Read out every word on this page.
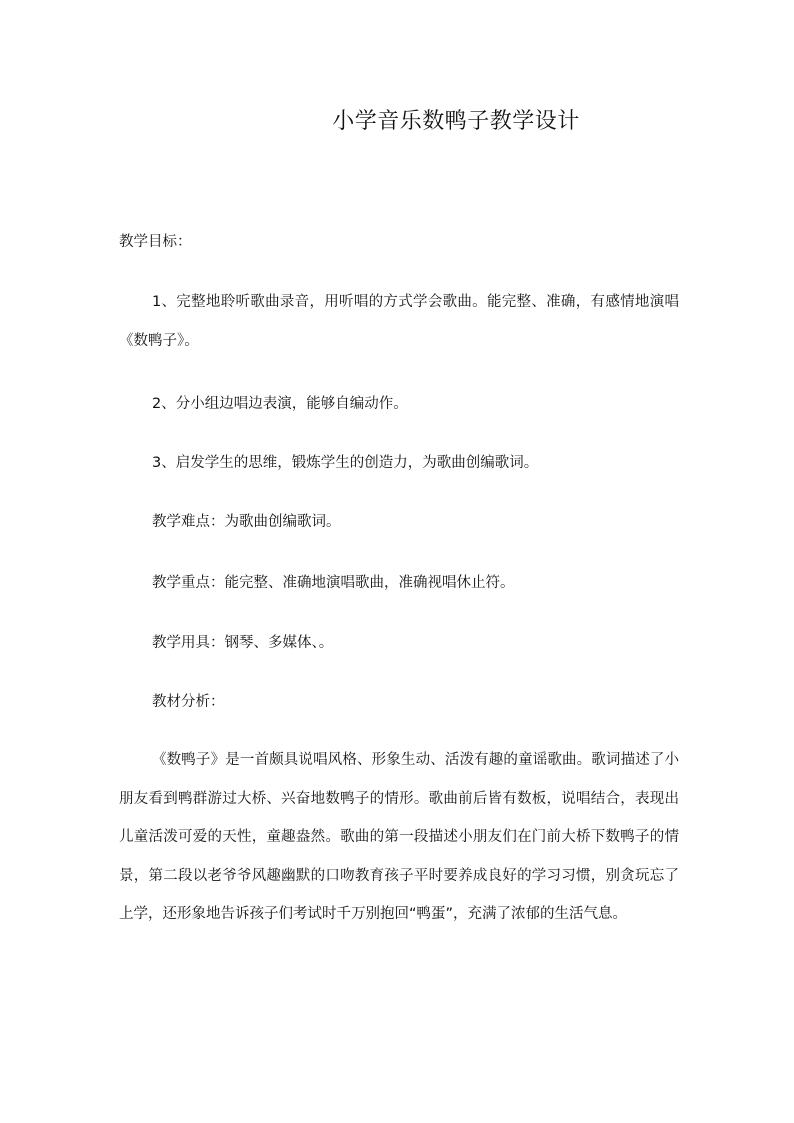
小学音乐数鸭子教学设计
教学目标：
1、完整地聆听歌曲录音，用听唱的方式学会歌曲。能完整、准确，有感情地演唱《数鸭子》。
2、分小组边唱边表演，能够自编动作。
3、启发学生的思维，锻炼学生的创造力，为歌曲创编歌词。
教学难点：为歌曲创编歌词。
教学重点：能完整、准确地演唱歌曲，准确视唱休止符。
教学用具：钢琴、多媒体、。
教材分析：
《数鸭子》是一首颇具说唱风格、形象生动、活泼有趣的童谣歌曲。歌词描述了小朋友看到鸭群游过大桥、兴奋地数鸭子的情形。歌曲前后皆有数板，说唱结合，表现出儿童活泼可爱的天性，童趣盎然。歌曲的第一段描述小朋友们在门前大桥下数鸭子的情景，第二段以老爷爷风趣幽默的口吻教育孩子平时要养成良好的学习习惯，别贪玩忘了上学，还形象地告诉孩子们考试时千万别抱回“鸭蛋”，充满了浓郁的生活气息。
